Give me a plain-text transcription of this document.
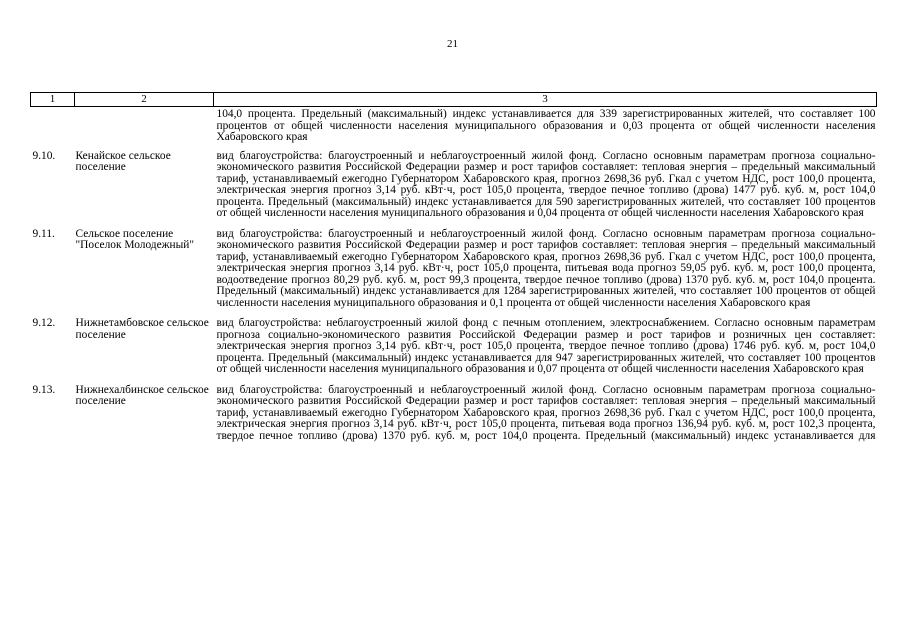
21
1	2	3
		104,0 процента. Предельный (максимальный) индекс устанавливается для 339 зарегистрированных жителей, что составляет 100 процентов от общей численности населения муниципального образования и 0,03 процента от общей численности населения Хабаровского края
9.10.	Кенайское сельское поселение	вид благоустройства: благоустроенный и неблагоустроенный жилой фонд. Согласно основным параметрам прогноза социально-экономического развития Российской Федерации размер и рост тарифов составляет: тепловая энергия – предельный максимальный тариф, устанавливаемый ежегодно Губернатором Хабаровского края, прогноз 2698,36 руб. Гкал с учетом НДС, рост 100,0 процента, электрическая энергия прогноз 3,14 руб. кВт·ч, рост 105,0 процента, твердое печное топливо (дрова) 1477 руб. куб. м, рост 104,0 процента. Предельный (максимальный) индекс устанавливается для 590 зарегистрированных жителей, что составляет 100 процентов от общей численности населения муниципального образования и 0,04 процента от общей численности населения Хабаровского края
9.11.	Сельское поселение "Поселок Молодежный"	вид благоустройства: благоустроенный и неблагоустроенный жилой фонд. Согласно основным параметрам прогноза социально-экономического развития Российской Федерации размер и рост тарифов составляет: тепловая энергия – предельный максимальный тариф, устанавливаемый ежегодно Губернатором Хабаровского края, прогноз 2698,36 руб. Гкал с учетом НДС, рост 100,0 процента, электрическая энергия прогноз 3,14 руб. кВт·ч, рост 105,0 процента, питьевая вода прогноз 59,05 руб. куб. м, рост 100,0 процента, водоотведение прогноз 80,29 руб. куб. м, рост 99,3 процента, твердое печное топливо (дрова) 1370 руб. куб. м, рост 104,0 процента. Предельный (максимальный) индекс устанавливается для 1284 зарегистрированных жителей, что составляет 100 процентов от общей численности населения муниципального образования и 0,1 процента от общей численности населения Хабаровского края
9.12.	Нижнетамбовское сельское поселение	вид благоустройства: неблагоустроенный жилой фонд с печным отоплением, электроснабжением. Согласно основным параметрам прогноза социально-экономического развития Российской Федерации размер и рост тарифов и розничных цен составляет: электрическая энергия прогноз 3,14 руб. кВт·ч, рост 105,0 процента, твердое печное топливо (дрова) 1746 руб. куб. м, рост 104,0 процента. Предельный (максимальный) индекс устанавливается для 947 зарегистрированных жителей, что составляет 100 процентов от общей численности населения муниципального образования и 0,07 процента от общей численности населения Хабаровского края
9.13.	Нижнехалбинское сельское поселение	вид благоустройства: благоустроенный и неблагоустроенный жилой фонд. Согласно основным параметрам прогноза социально-экономического развития Российской Федерации размер и рост тарифов составляет: тепловая энергия – предельный максимальный тариф, устанавливаемый ежегодно Губернатором Хабаровского края, прогноз 2698,36 руб. Гкал с учетом НДС, рост 100,0 процента, электрическая энергия прогноз 3,14 руб. кВт·ч, рост 105,0 процента, питьевая вода прогноз 136,94 руб. куб. м, рост 102,3 процента, твердое печное топливо (дрова) 1370 руб. куб. м, рост 104,0 процента. Предельный (максимальный) индекс устанавливается для
